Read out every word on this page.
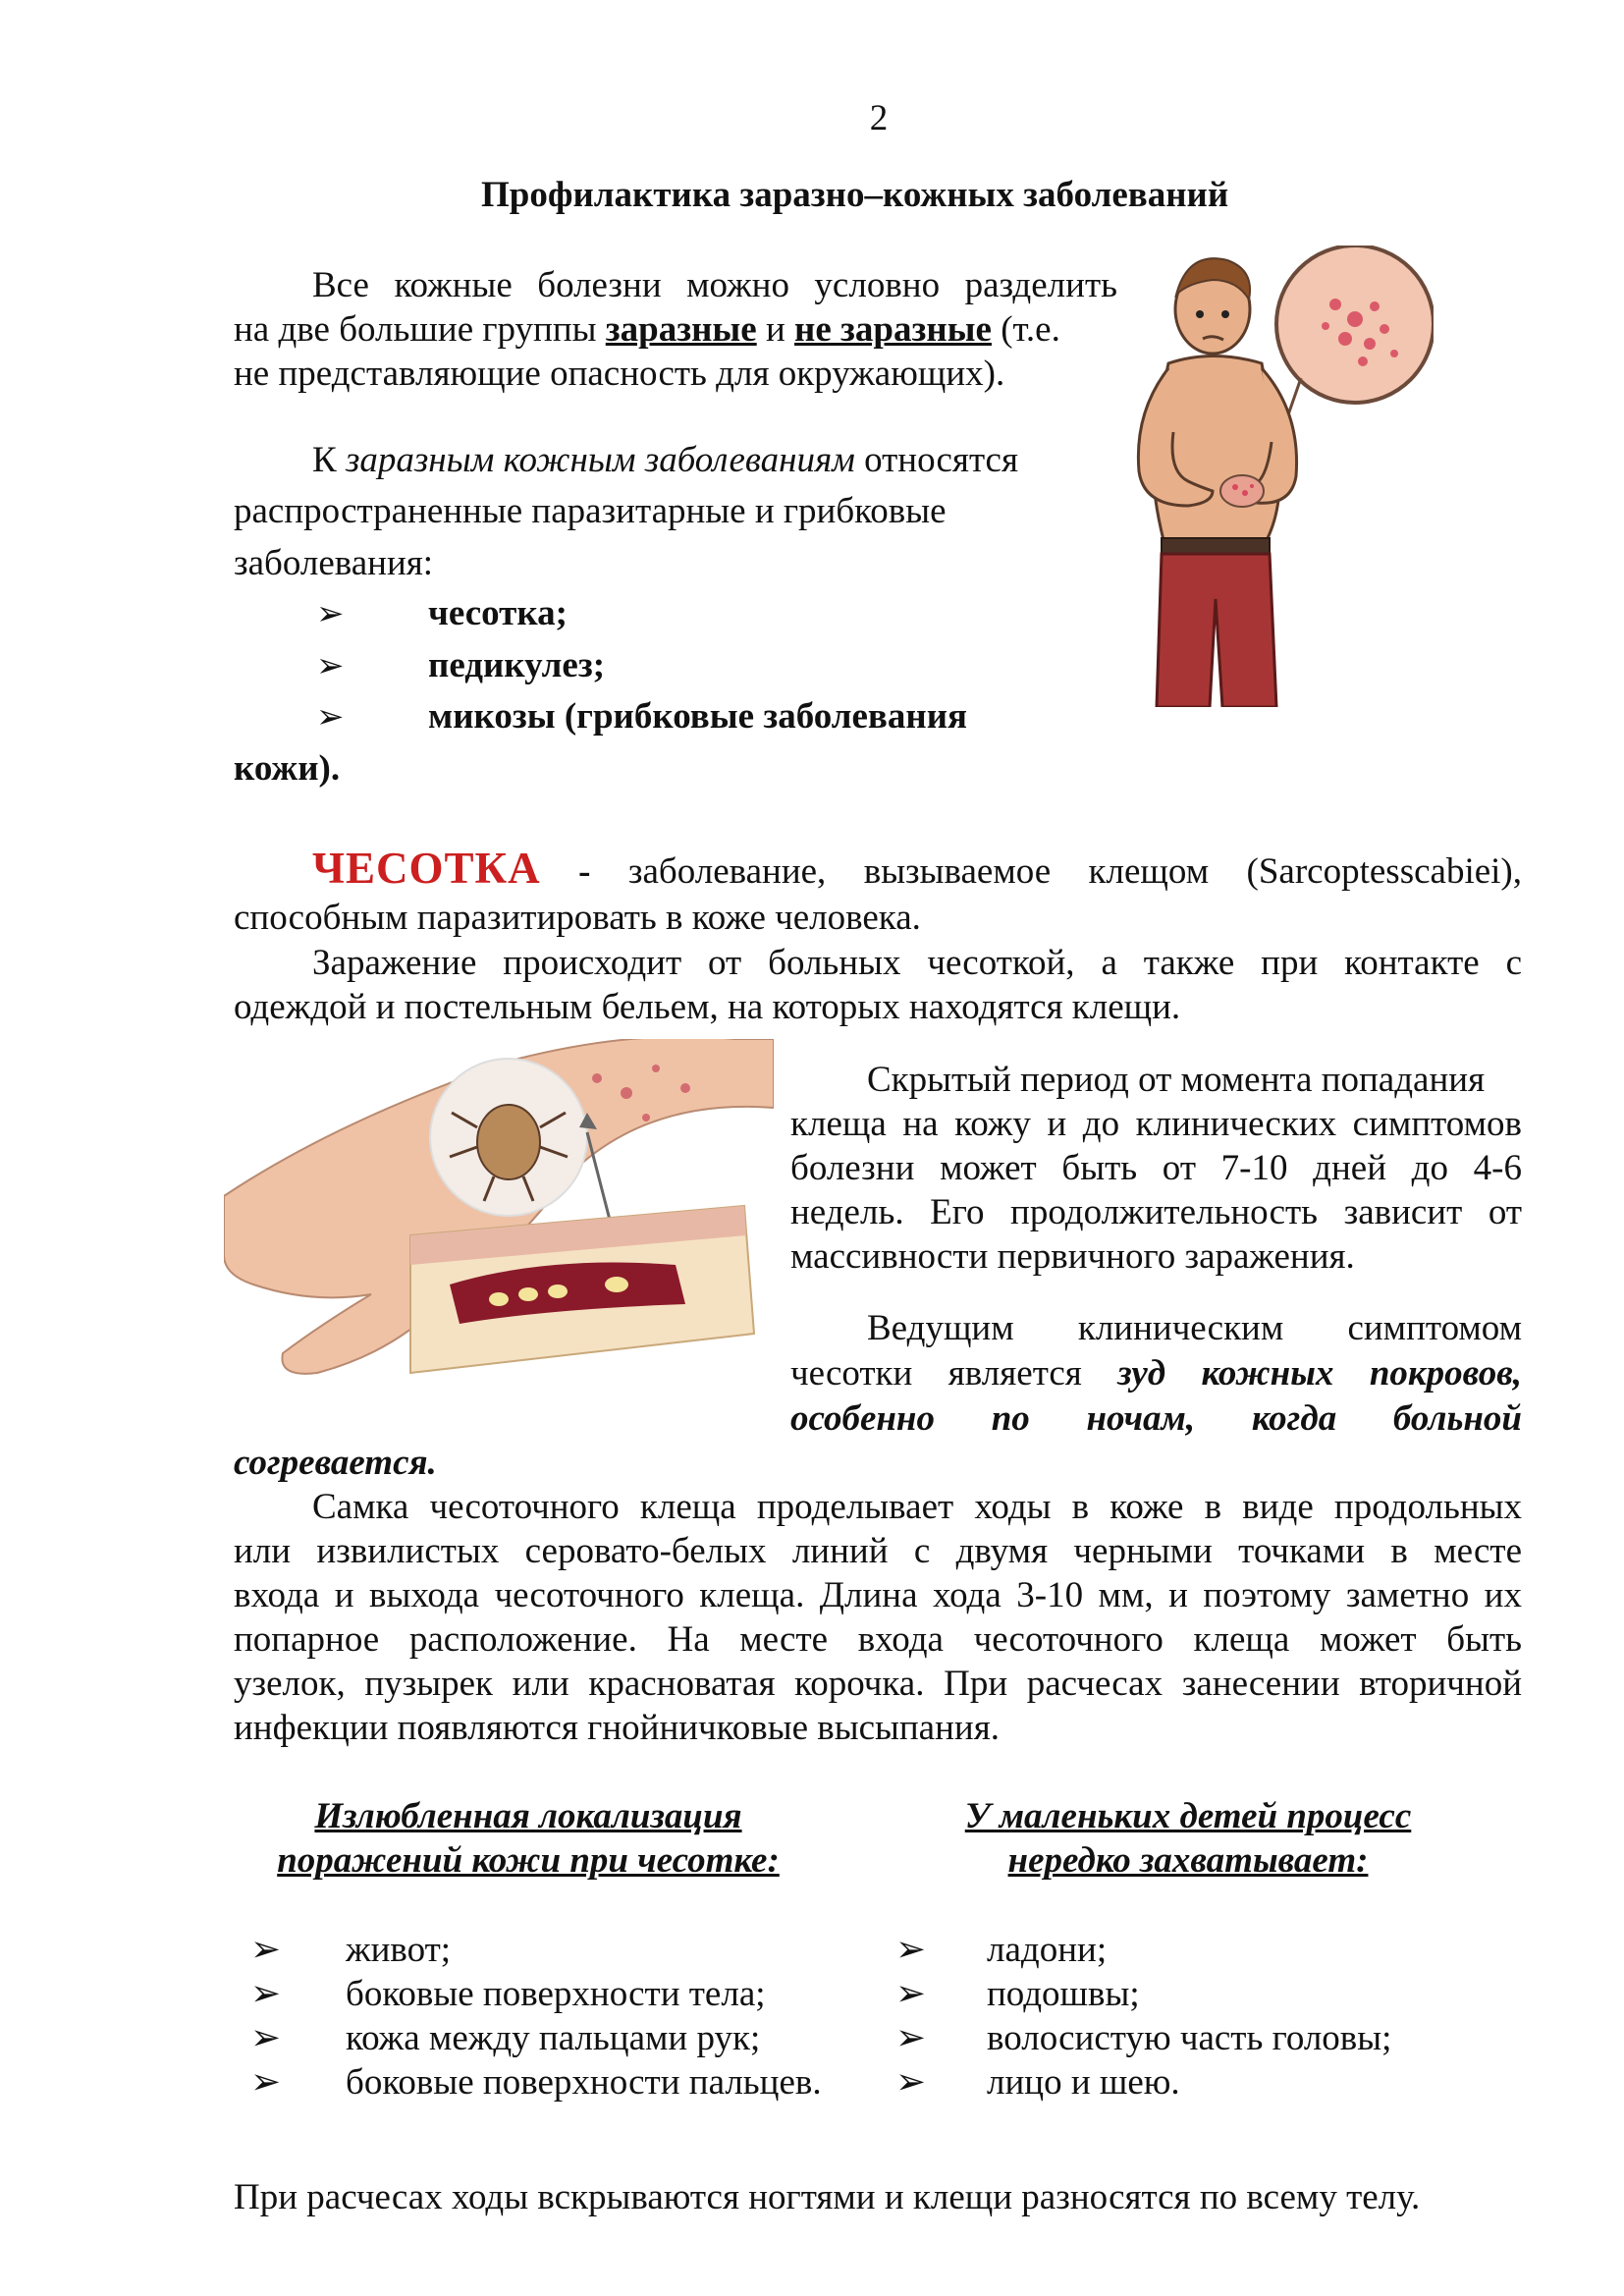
2
Профилактика заразно–кожных заболеваний
Все кожные болезни можно условно разделить
на две большие группы заразные и не заразные (т.е.
не представляющие опасность для окружающих).
К заразным кожным заболеваниям относятся
распространенные паразитарные и грибковые
заболевания:
➢ чесотка;
➢ педикулез;
➢ микозы (грибковые заболевания
кожи).
ЧЕСОТКА - заболевание, вызываемое клещом (Sarcoptesscabiei),
способным паразитировать в коже человека.
Заражение происходит от больных чесоткой, а также при контакте с
одеждой и постельным бельем, на которых находятся клещи.
Скрытый период от момента попадания
клеща на кожу и до клинических симптомов
болезни может быть от 7-10 дней до 4-6
недель. Его продолжительность зависит от
массивности первичного заражения.
Ведущим клиническим симптомом
чесотки является зуд кожных покровов,
особенно по ночам, когда больной
согревается.
Самка чесоточного клеща проделывает ходы в коже в виде продольных
или извилистых серовато-белых линий с двумя черными точками в месте
входа и выхода чесоточного клеща. Длина хода 3-10 мм, и поэтому заметно их
попарное расположение. На месте входа чесоточного клеща может быть
узелок, пузырек или красноватая корочка. При расчесах занесении вторичной
инфекции появляются гнойничковые высыпания.
Излюбленная локализация
поражений кожи при чесотке:
У маленьких детей процесс
нередко захватывает:
➢ живот;
➢ боковые поверхности тела;
➢ кожа между пальцами рук;
➢ боковые поверхности пальцев.
➢ ладони;
➢ подошвы;
➢ волосистую часть головы;
➢ лицо и шею.
При расчесах ходы вскрываются ногтями и клещи разносятся по всему телу.
